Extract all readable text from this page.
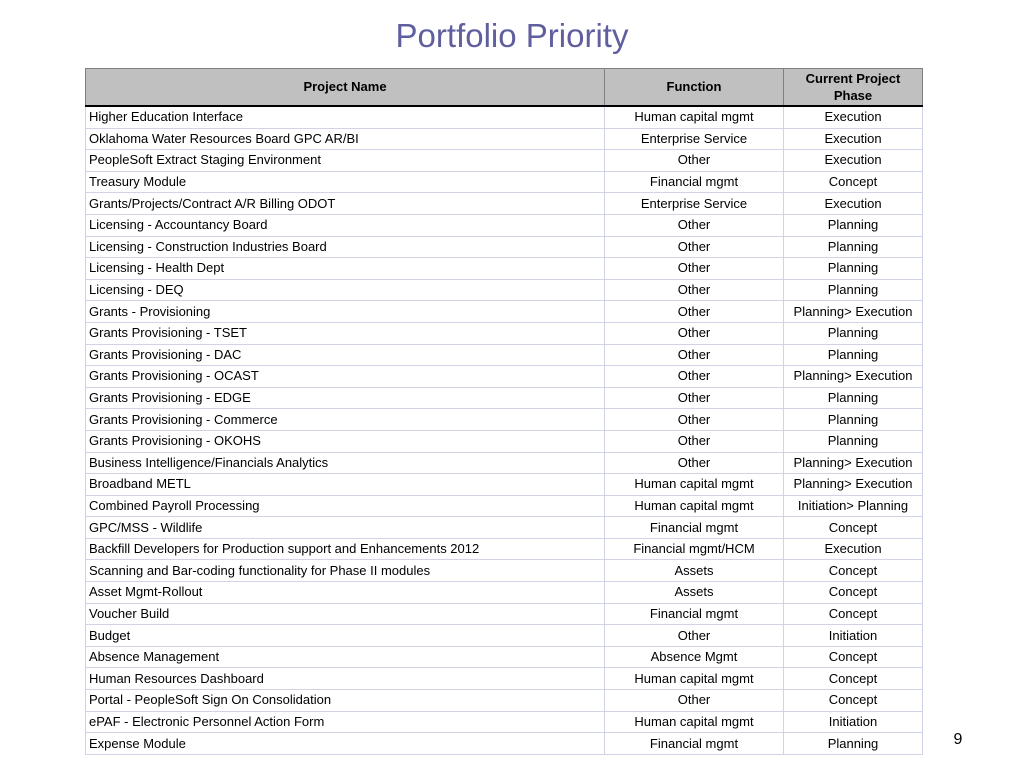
Portfolio Priority
Project Name	Function	Current Project Phase
Higher Education Interface	Human capital mgmt	Execution
Oklahoma Water Resources Board GPC AR/BI	Enterprise Service	Execution
PeopleSoft Extract Staging Environment	Other	Execution
Treasury Module	Financial mgmt	Concept
Grants/Projects/Contract A/R Billing ODOT	Enterprise Service	Execution
Licensing - Accountancy Board	Other	Planning
Licensing - Construction Industries Board	Other	Planning
Licensing - Health Dept	Other	Planning
Licensing - DEQ	Other	Planning
Grants - Provisioning	Other	Planning> Execution
Grants Provisioning - TSET	Other	Planning
Grants Provisioning - DAC	Other	Planning
Grants Provisioning - OCAST	Other	Planning> Execution
Grants Provisioning - EDGE	Other	Planning
Grants Provisioning - Commerce	Other	Planning
Grants Provisioning - OKOHS	Other	Planning
Business Intelligence/Financials Analytics	Other	Planning> Execution
Broadband METL	Human capital mgmt	Planning> Execution
Combined Payroll Processing	Human capital mgmt	Initiation> Planning
GPC/MSS - Wildlife	Financial mgmt	Concept
Backfill Developers for Production support and Enhancements 2012	Financial mgmt/HCM	Execution
Scanning and Bar-coding functionality for Phase II modules	Assets	Concept
Asset Mgmt-Rollout	Assets	Concept
Voucher Build	Financial mgmt	Concept
Budget	Other	Initiation
Absence Management	Absence Mgmt	Concept
Human Resources Dashboard	Human capital mgmt	Concept
Portal - PeopleSoft Sign On Consolidation	Other	Concept
ePAF - Electronic Personnel Action Form	Human capital mgmt	Initiation
Expense Module	Financial mgmt	Planning	9
